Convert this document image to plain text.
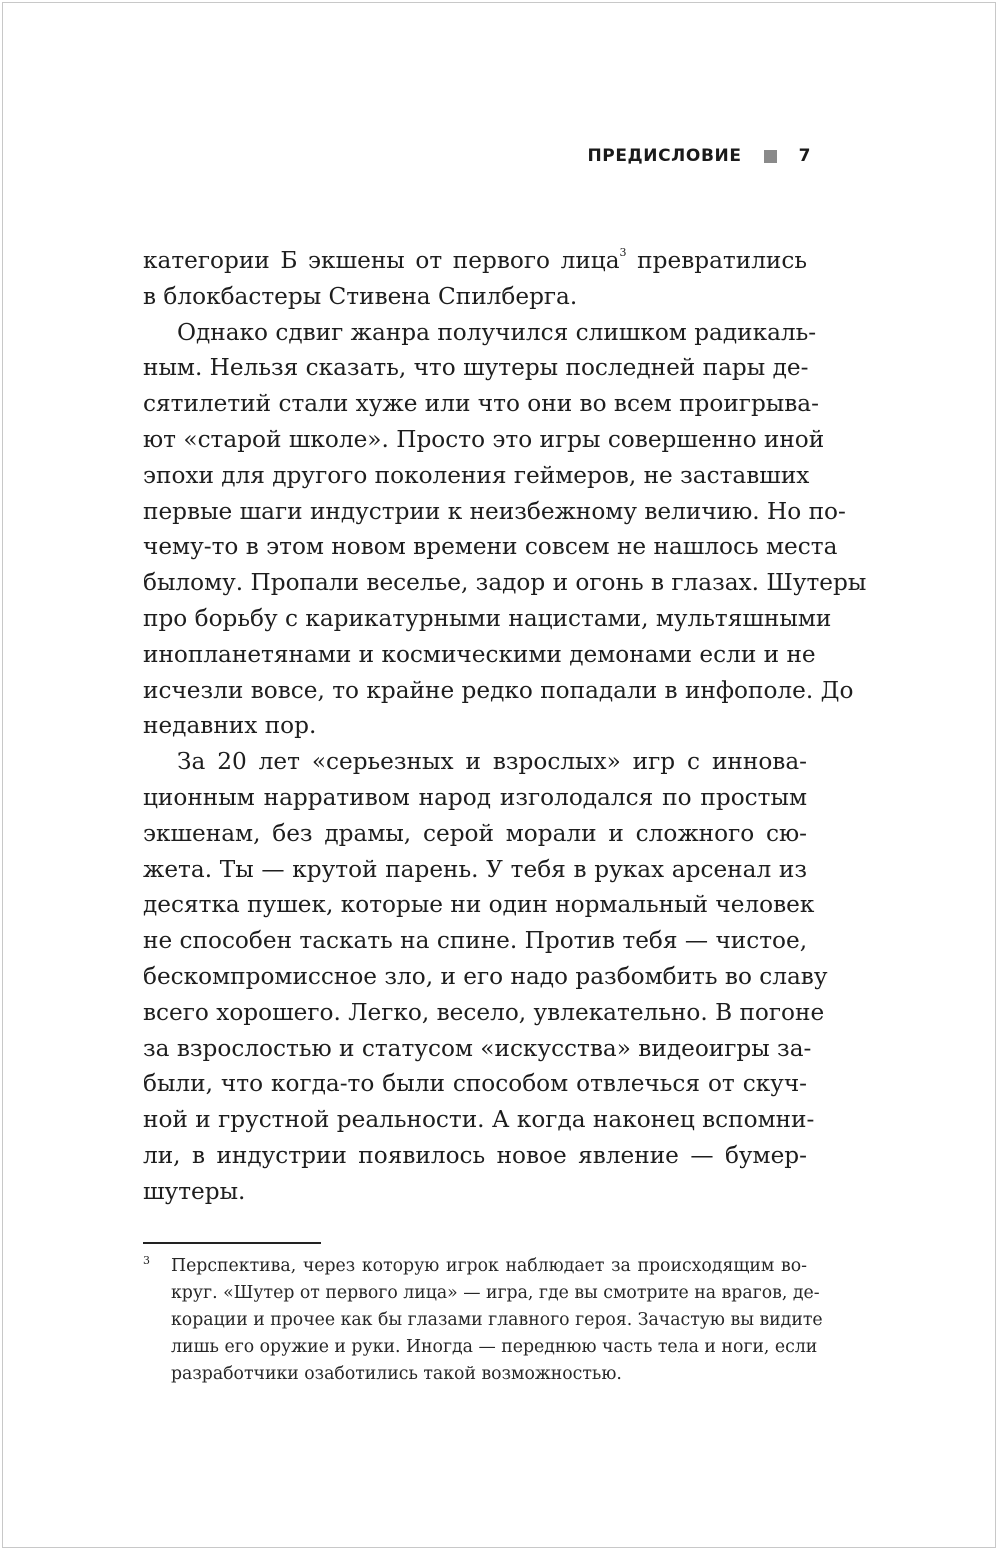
ПРЕДИСЛОВИЕ	7
категории Б экшены от первого лица$^3$ превратились
в блокбастеры Стивена Спилберга.
Однако сдвиг жанра получился слишком радикаль-
ным. Нельзя сказать, что шутеры последней пары де-
сятилетий стали хуже или что они во всем проигрыва-
ют «старой школе». Просто это игры совершенно иной
эпохи для другого поколения геймеров, не заставших
первые шаги индустрии к неизбежному величию. Но по-
чему-то в этом новом времени совсем не нашлось места
былому. Пропали веселье, задор и огонь в глазах. Шутеры
про борьбу с карикатурными нацистами, мультяшными
инопланетянами и космическими демонами если и не
исчезли вовсе, то крайне редко попадали в инфополе. До
недавних пор.
За 20 лет «серьезных и взрослых» игр с иннова-
ционным нарративом народ изголодался по простым
экшенам, без драмы, серой морали и сложного сю-
жета. Ты — крутой парень. У тебя в руках арсенал из
десятка пушек, которые ни один нормальный человек
не способен таскать на спине. Против тебя — чистое,
бескомпромиссное зло, и его надо разбомбить во славу
всего хорошего. Легко, весело, увлекательно. В погоне
за взрослостью и статусом «искусства» видеоигры за-
были, что когда-то были способом отвлечься от скуч-
ной и грустной реальности. А когда наконец вспомни-
ли, в индустрии появилось новое явление — бумер-
шутеры.
3 Перспектива, через которую игрок наблюдает за происходящим во-
круг. «Шутер от первого лица» — игра, где вы смотрите на врагов, де-
корации и прочее как бы глазами главного героя. Зачастую вы видите
лишь его оружие и руки. Иногда — переднюю часть тела и ноги, если
разработчики озаботились такой возможностью.
